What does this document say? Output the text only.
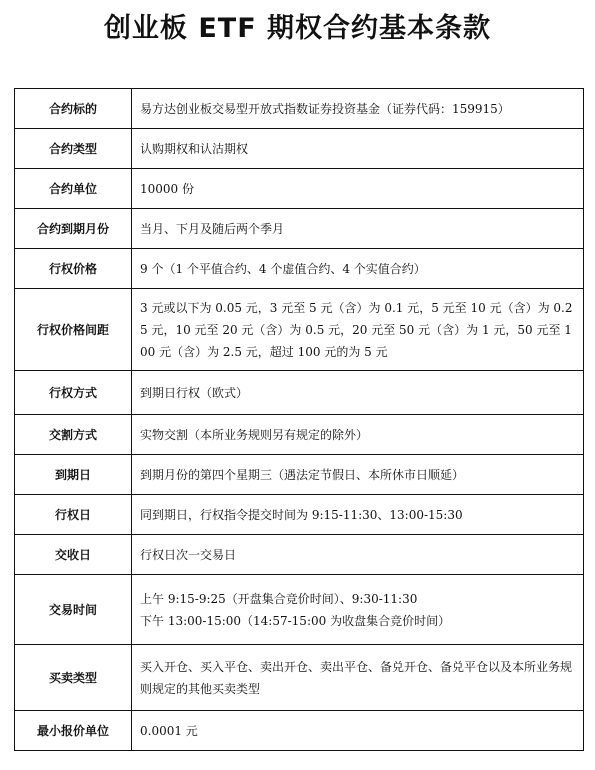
创业板 ETF 期权合约基本条款
合约标的	易方达创业板交易型开放式指数证券投资基金（证券代码：159915）

合约类型	认购期权和认沽期权

合约单位	10000 份

合约到期月份	当月、下月及随后两个季月

行权价格	9 个（1 个平值合约、4 个虚值合约、4 个实值合约）

行权价格间距	3 元或以下为 0.05 元，3 元至 5 元（含）为 0.1 元，5 元至 10 元（含）为 0.25 元，10 元至 20 元（含）为 0.5 元，20 元至 50 元（含）为 1 元，50 元至 100 元（含）为 2.5 元，超过 100 元的为 5 元

行权方式	到期日行权（欧式）

交割方式	实物交割（本所业务规则另有规定的除外）

到期日	到期月份的第四个星期三（遇法定节假日、本所休市日顺延）

行权日	同到期日，行权指令提交时间为 9:15-11:30、13:00-15:30

交收日	行权日次一交易日

交易时间	上午 9:15-9:25（开盘集合竞价时间）、9:30-11:30
下午 13:00-15:00（14:57-15:00 为收盘集合竞价时间）

买卖类型	买入开仓、买入平仓、卖出开仓、卖出平仓、备兑开仓、备兑平仓以及本所业务规则规定的其他买卖类型

最小报价单位	0.0001 元
